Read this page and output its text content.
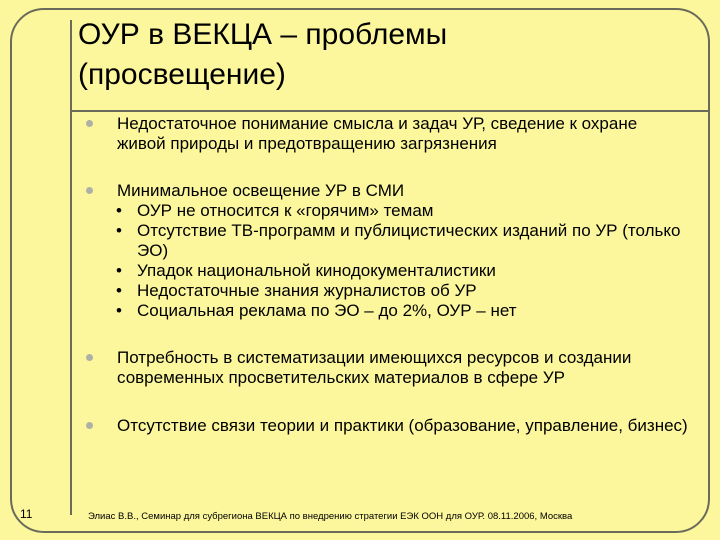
ОУР в ВЕКЦА – проблемы
(просвещение)
Недостаточное понимание смысла и задач УР, сведение к охране живой природы и предотвращению загрязнения
Минимальное освещение УР в СМИ
• ОУР не относится к «горячим» темам
• Отсутствие ТВ-программ и публицистических изданий по УР (только ЭО)
• Упадок национальной кинодокументалистики
• Недостаточные знания журналистов об УР
• Социальная реклама по ЭО – до 2%, ОУР – нет
Потребность в систематизации имеющихся ресурсов и создании современных просветительских материалов в сфере УР
Отсутствие связи теории и практики (образование, управление, бизнес)
11	Элиас В.В., Семинар для субрегиона ВЕКЦА по внедрению стратегии ЕЭК ООН для ОУР. 08.11.2006, Москва
